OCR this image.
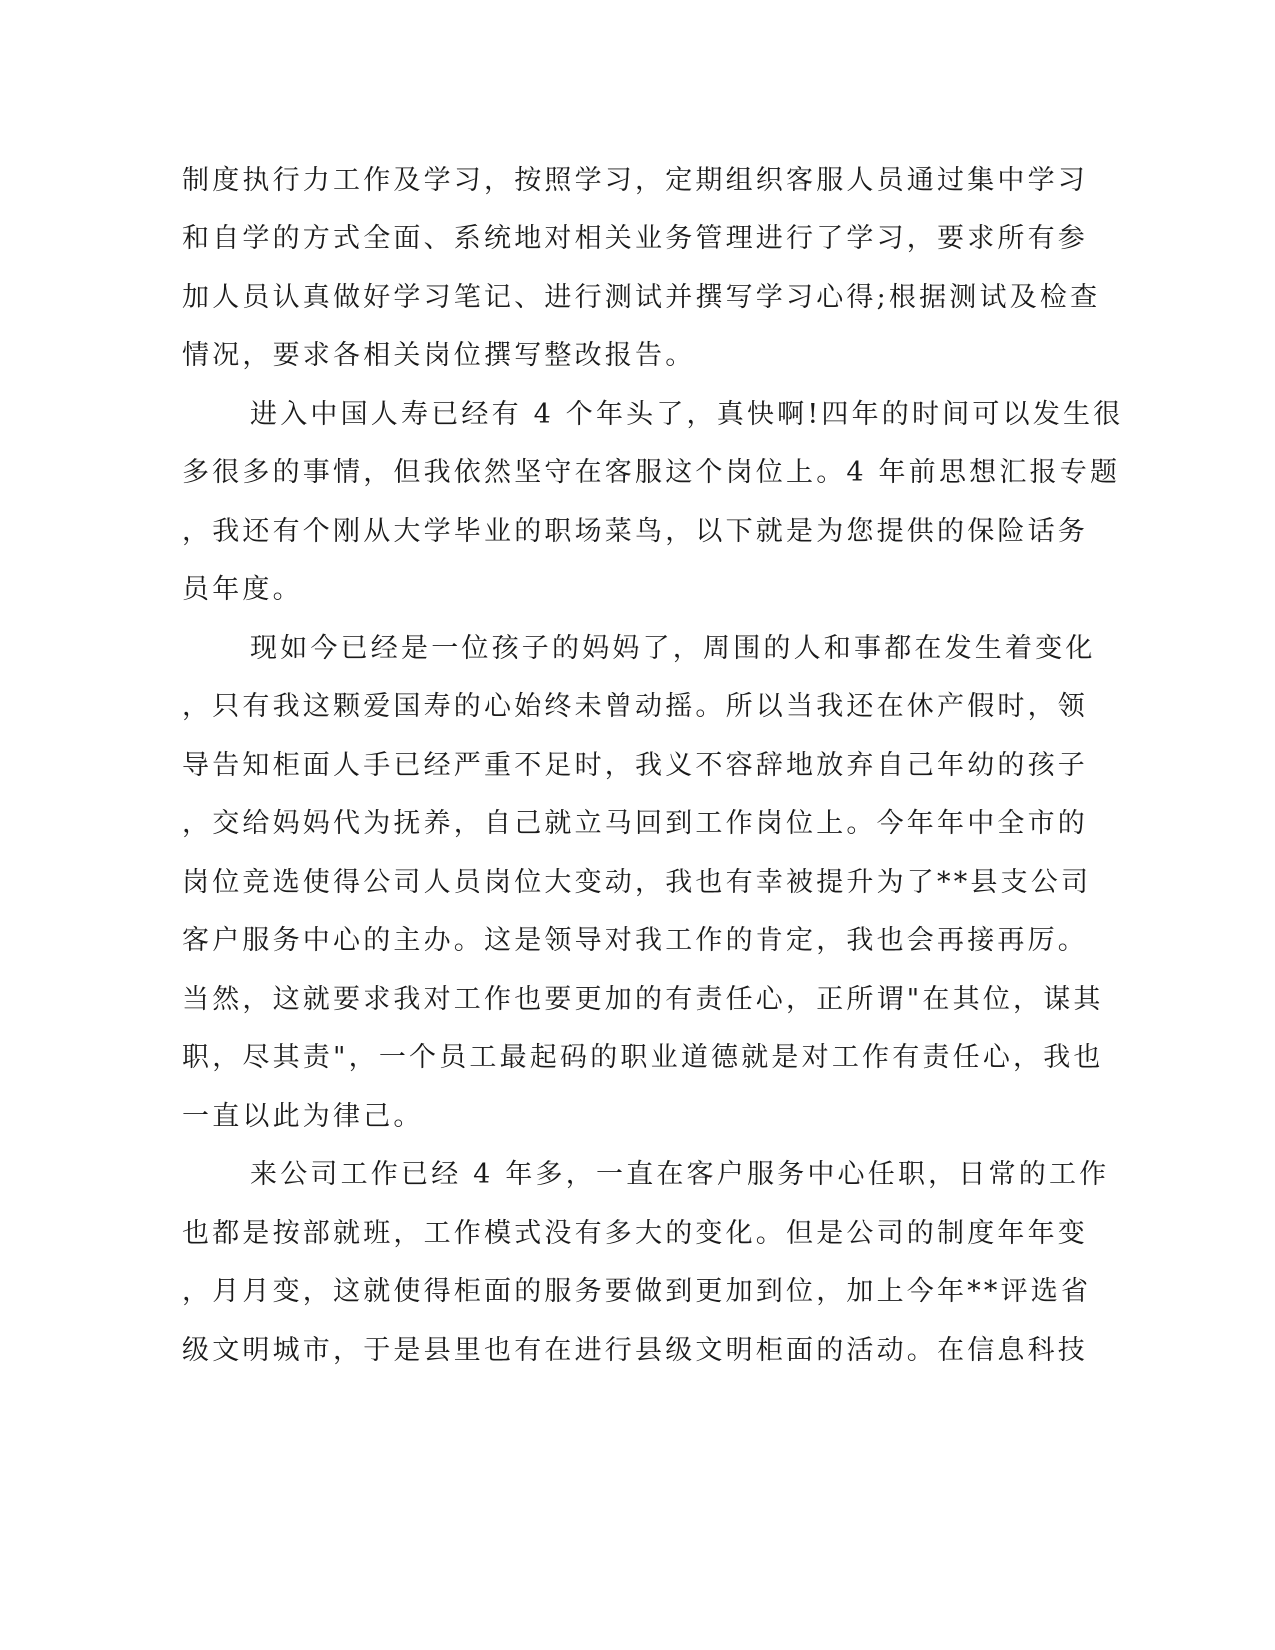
制度执行力工作及学习，按照学习，定期组织客服人员通过集中学习

和自学的方式全面、系统地对相关业务管理进行了学习，要求所有参

加人员认真做好学习笔记、进行测试并撰写学习心得;根据测试及检查

情况，要求各相关岗位撰写整改报告。

进入中国人寿已经有 4 个年头了，真快啊!四年的时间可以发生很

多很多的事情，但我依然坚守在客服这个岗位上。4 年前思想汇报专题

，我还有个刚从大学毕业的职场菜鸟，以下就是为您提供的保险话务

员年度。

现如今已经是一位孩子的妈妈了，周围的人和事都在发生着变化

，只有我这颗爱国寿的心始终未曾动摇。所以当我还在休产假时，领

导告知柜面人手已经严重不足时，我义不容辞地放弃自己年幼的孩子

，交给妈妈代为抚养，自己就立马回到工作岗位上。今年年中全市的

岗位竞选使得公司人员岗位大变动，我也有幸被提升为了**县支公司

客户服务中心的主办。这是领导对我工作的肯定，我也会再接再厉。

当然，这就要求我对工作也要更加的有责任心，正所谓"在其位，谋其

职，尽其责"，一个员工最起码的职业道德就是对工作有责任心，我也

一直以此为律己。

来公司工作已经 4 年多，一直在客户服务中心任职，日常的工作

也都是按部就班，工作模式没有多大的变化。但是公司的制度年年变

，月月变，这就使得柜面的服务要做到更加到位，加上今年**评选省

级文明城市，于是县里也有在进行县级文明柜面的活动。在信息科技
